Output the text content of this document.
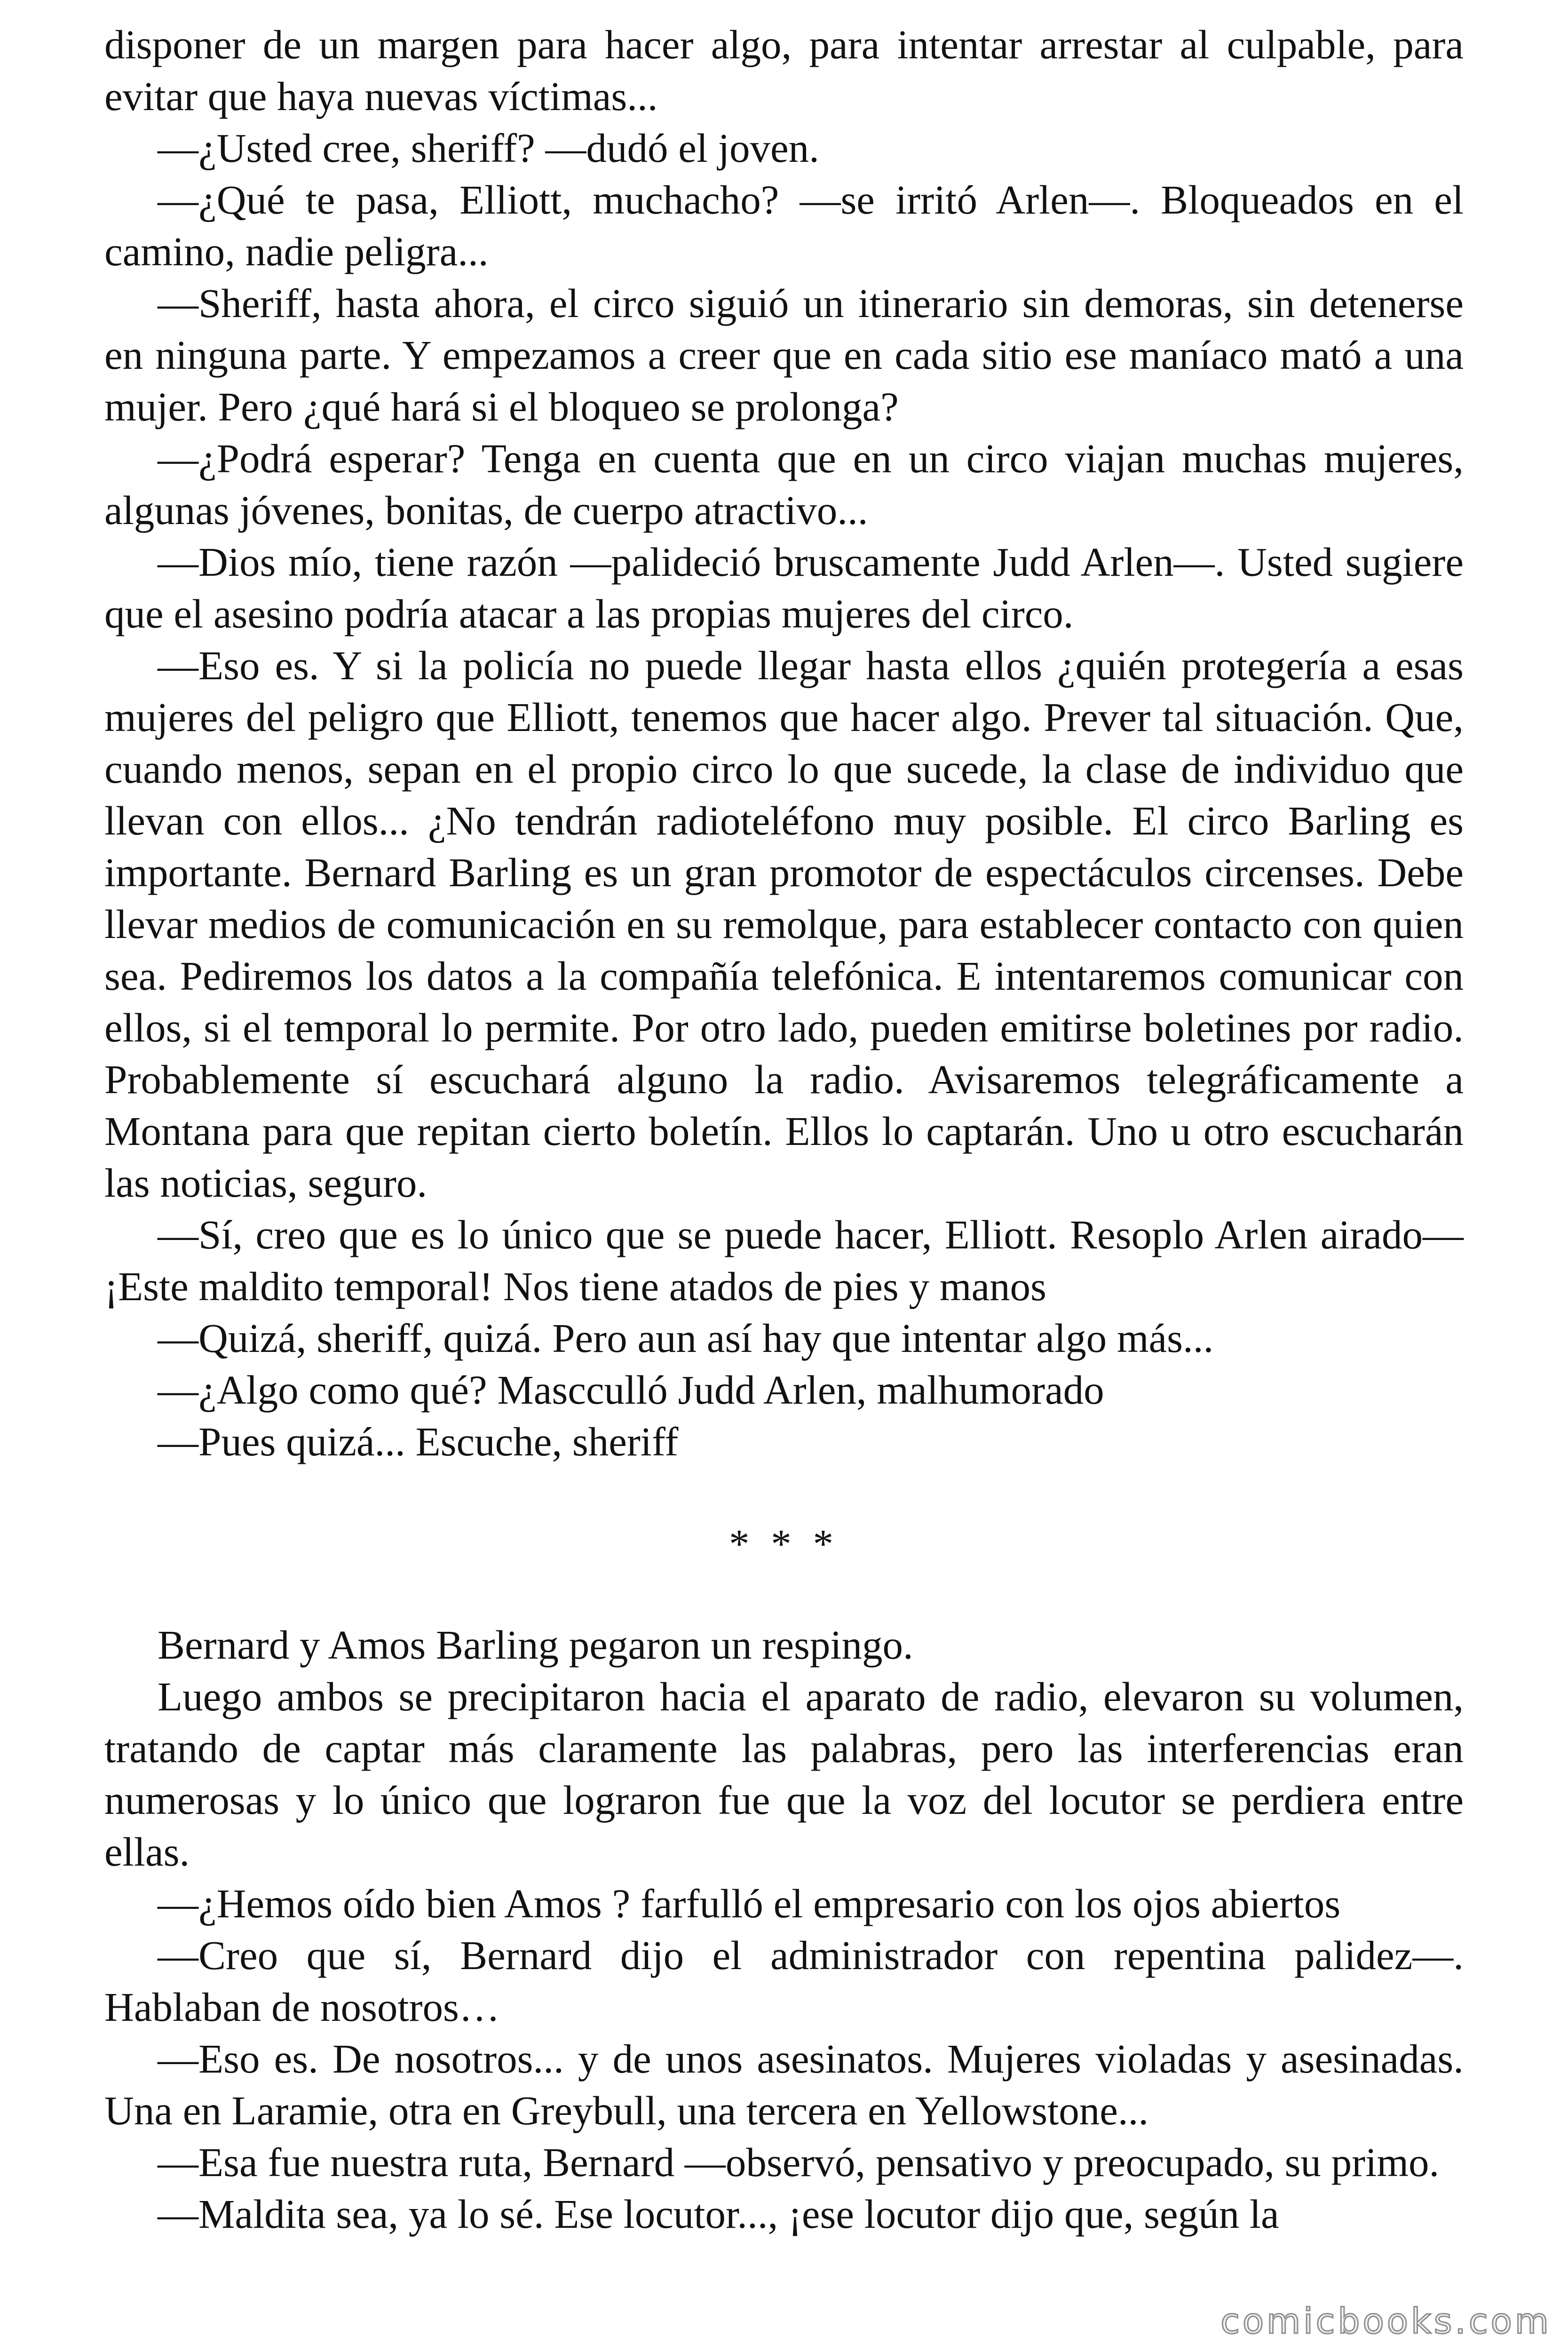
disponer de un margen para hacer algo, para intentar arrestar al culpable, para evitar que haya nuevas víctimas...

—¿Usted cree, sheriff? —dudó el joven.

—¿Qué te pasa, Elliott, muchacho? —se irritó Arlen—. Bloqueados en el camino, nadie peligra...

—Sheriff, hasta ahora, el circo siguió un itinerario sin demoras, sin detenerse en ninguna parte. Y empezamos a creer que en cada sitio ese maníaco mató a una mujer. Pero ¿qué hará si el bloqueo se prolonga?

—¿Podrá esperar? Tenga en cuenta que en un circo viajan muchas mujeres, algunas jóvenes, bonitas, de cuerpo atractivo...

—Dios mío, tiene razón —palideció bruscamente Judd Arlen—. Usted sugiere que el asesino podría atacar a las propias mujeres del circo.

—Eso es. Y si la policía no puede llegar hasta ellos ¿quién protegería a esas mujeres del peligro que Elliott, tenemos que hacer algo. Prever tal situación. Que, cuando menos, sepan en el propio circo lo que sucede, la clase de individuo que llevan con ellos... ¿No tendrán radioteléfono muy posible. El circo Barling es importante. Bernard Barling es un gran promotor de espectáculos circenses. Debe llevar medios de comunicación en su remolque, para establecer contacto con quien sea. Pediremos los datos a la compañía telefónica. E intentaremos comunicar con ellos, si el temporal lo permite. Por otro lado, pueden emitirse boletines por radio. Probablemente sí escuchará alguno la radio. Avisaremos telegráficamente a Montana para que repitan cierto boletín. Ellos lo captarán. Uno u otro escucharán las noticias, seguro.

—Sí, creo que es lo único que se puede hacer, Elliott. Resoplo Arlen airado— ¡Este maldito temporal! Nos tiene atados de pies y manos

—Quizá, sheriff, quizá. Pero aun así hay que intentar algo más...

—¿Algo como qué? Mascculló Judd Arlen, malhumorado

—Pues quizá... Escuche, sheriff

* * *

Bernard y Amos Barling pegaron un respingo.

Luego ambos se precipitaron hacia el aparato de radio, elevaron su volumen, tratando de captar más claramente las palabras, pero las interferencias eran numerosas y lo único que lograron fue que la voz del locutor se perdiera entre ellas.

—¿Hemos oído bien Amos ? farfulló el empresario con los ojos abiertos

—Creo que sí, Bernard dijo el administrador con repentina palidez—. Hablaban de nosotros…

—Eso es. De nosotros... y de unos asesinatos. Mujeres violadas y asesinadas. Una en Laramie, otra en Greybull, una tercera en Yellowstone...

—Esa fue nuestra ruta, Bernard —observó, pensativo y preocupado, su primo.

—Maldita sea, ya lo sé. Ese locutor..., ¡ese locutor dijo que, según la

comicbooks.com
